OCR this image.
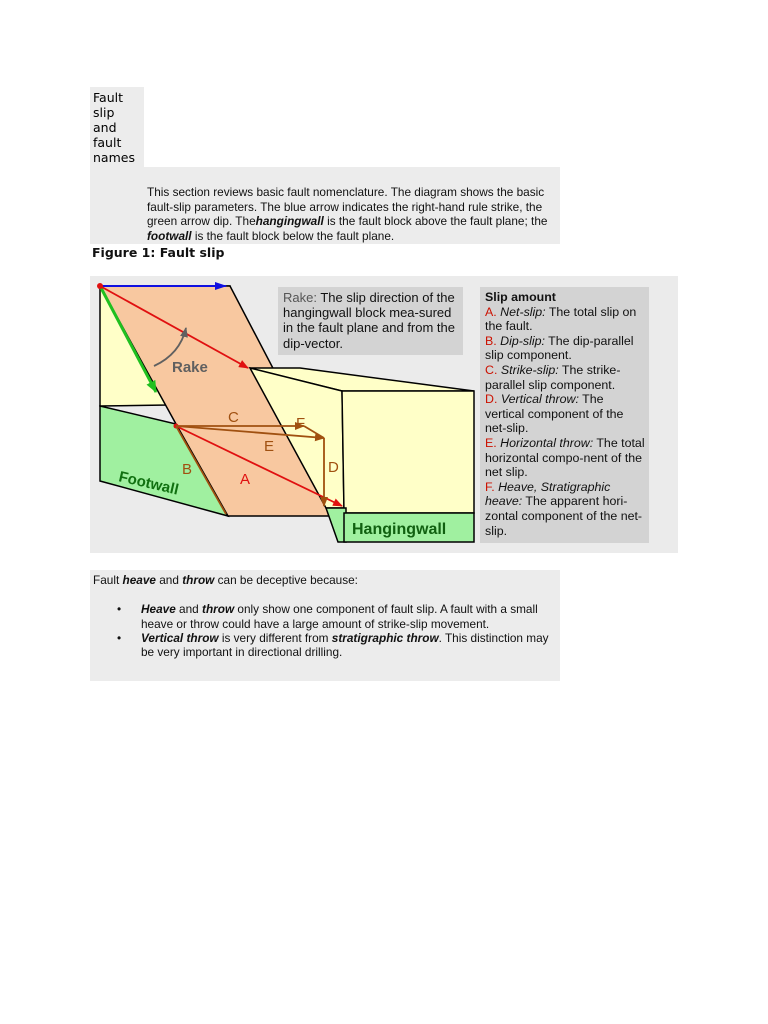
Fault
slip
and
fault
names
This section reviews basic fault nomenclature. The diagram shows the basic fault-slip parameters. The blue arrow indicates the right-hand rule strike, the green arrow dip. Thehangingwall is the fault block above the fault plane; the footwall is the fault block below the fault plane.
Figure 1: Fault slip
Rake
Footwall
Hangingwall
A
B
C
D
E
F
Rake: The slip direction of the hangingwall block mea-sured in the fault plane and from the dip-vector.
Slip amount
A. Net-slip: The total slip on the fault.
B. Dip-slip: The dip-parallel slip component.
C. Strike-slip: The strike-parallel slip component.
D. Vertical throw: The vertical component of the net-slip.
E. Horizontal throw: The total horizontal compo-nent of the net slip.
F. Heave, Stratigraphic heave: The apparent hori-zontal component of the net-slip.
Fault heave and throw can be deceptive because:
• Heave and throw only show one component of fault slip. A fault with a small heave or throw could have a large amount of strike-slip movement.
• Vertical throw is very different from stratigraphic throw. This distinction may be very important in directional drilling.
